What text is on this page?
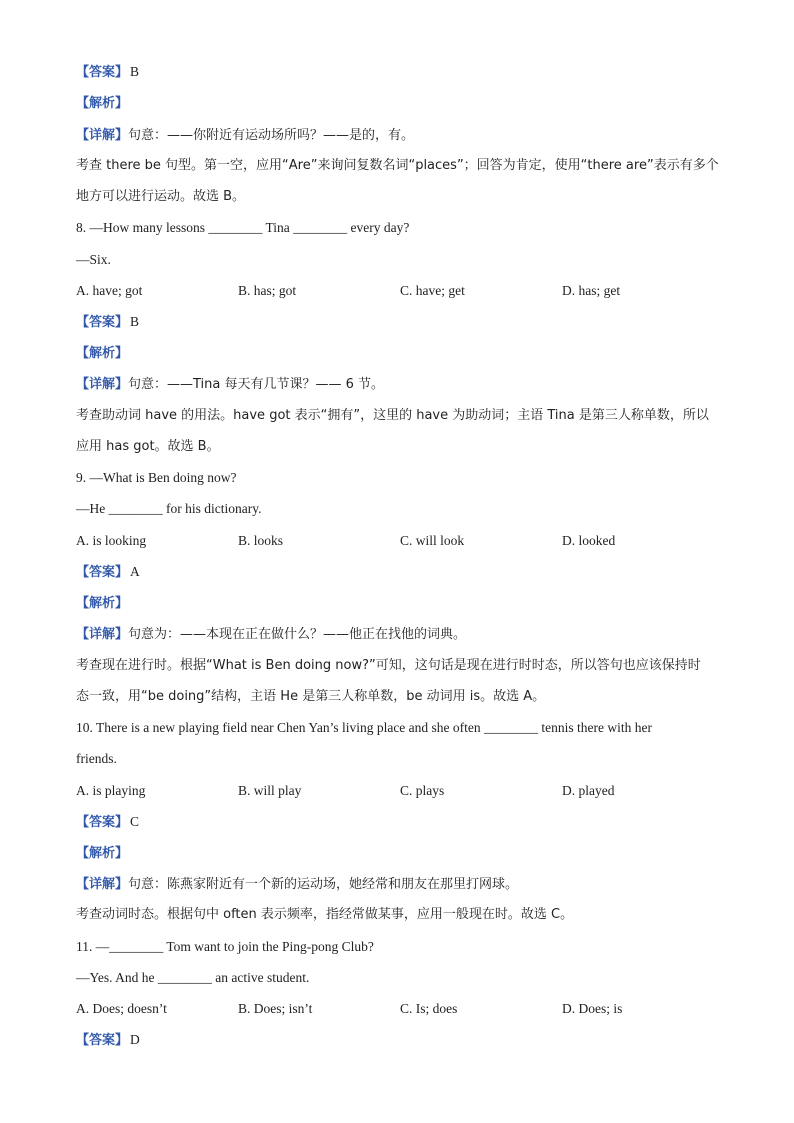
【答案】 B
【解析】
【详解】句意：——你附近有运动场所吗？——是的，有。
考查 there be 句型。第一空，应用“Are”来询问复数名词“places”；回答为肯定，使用“there are”表示有多个
地方可以进行运动。故选 B。
8. —How many lessons ________ Tina ________ every day?
—Six.
A. have; got	B. has; got	C. have; get	D. has; get
【答案】 B
【解析】
【详解】句意：——Tina 每天有几节课？—— 6 节。
考查助动词 have 的用法。have got 表示“拥有”，这里的 have 为助动词；主语 Tina 是第三人称单数，所以
应用 has got。故选 B。
9. —What is Ben doing now?
—He ________ for his dictionary.
A. is looking	B. looks	C. will look	D. looked
【答案】 A
【解析】
【详解】句意为：——本现在正在做什么？——他正在找他的词典。
考查现在进行时。根据“What is Ben doing now?”可知，这句话是现在进行时时态，所以答句也应该保持时
态一致，用“be doing”结构，主语 He 是第三人称单数，be 动词用 is。故选 A。
10. There is a new playing field near Chen Yan’s living place and she often ________ tennis there with her
friends.
A. is playing	B. will play	C. plays	D. played
【答案】 C
【解析】
【详解】句意：陈燕家附近有一个新的运动场，她经常和朋友在那里打网球。
考查动词时态。根据句中 often 表示频率，指经常做某事，应用一般现在时。故选 C。
11. —________ Tom want to join the Ping-pong Club?
—Yes. And he ________ an active student.
A. Does; doesn’t	B. Does; isn’t	C. Is; does	D. Does; is
【答案】 D
